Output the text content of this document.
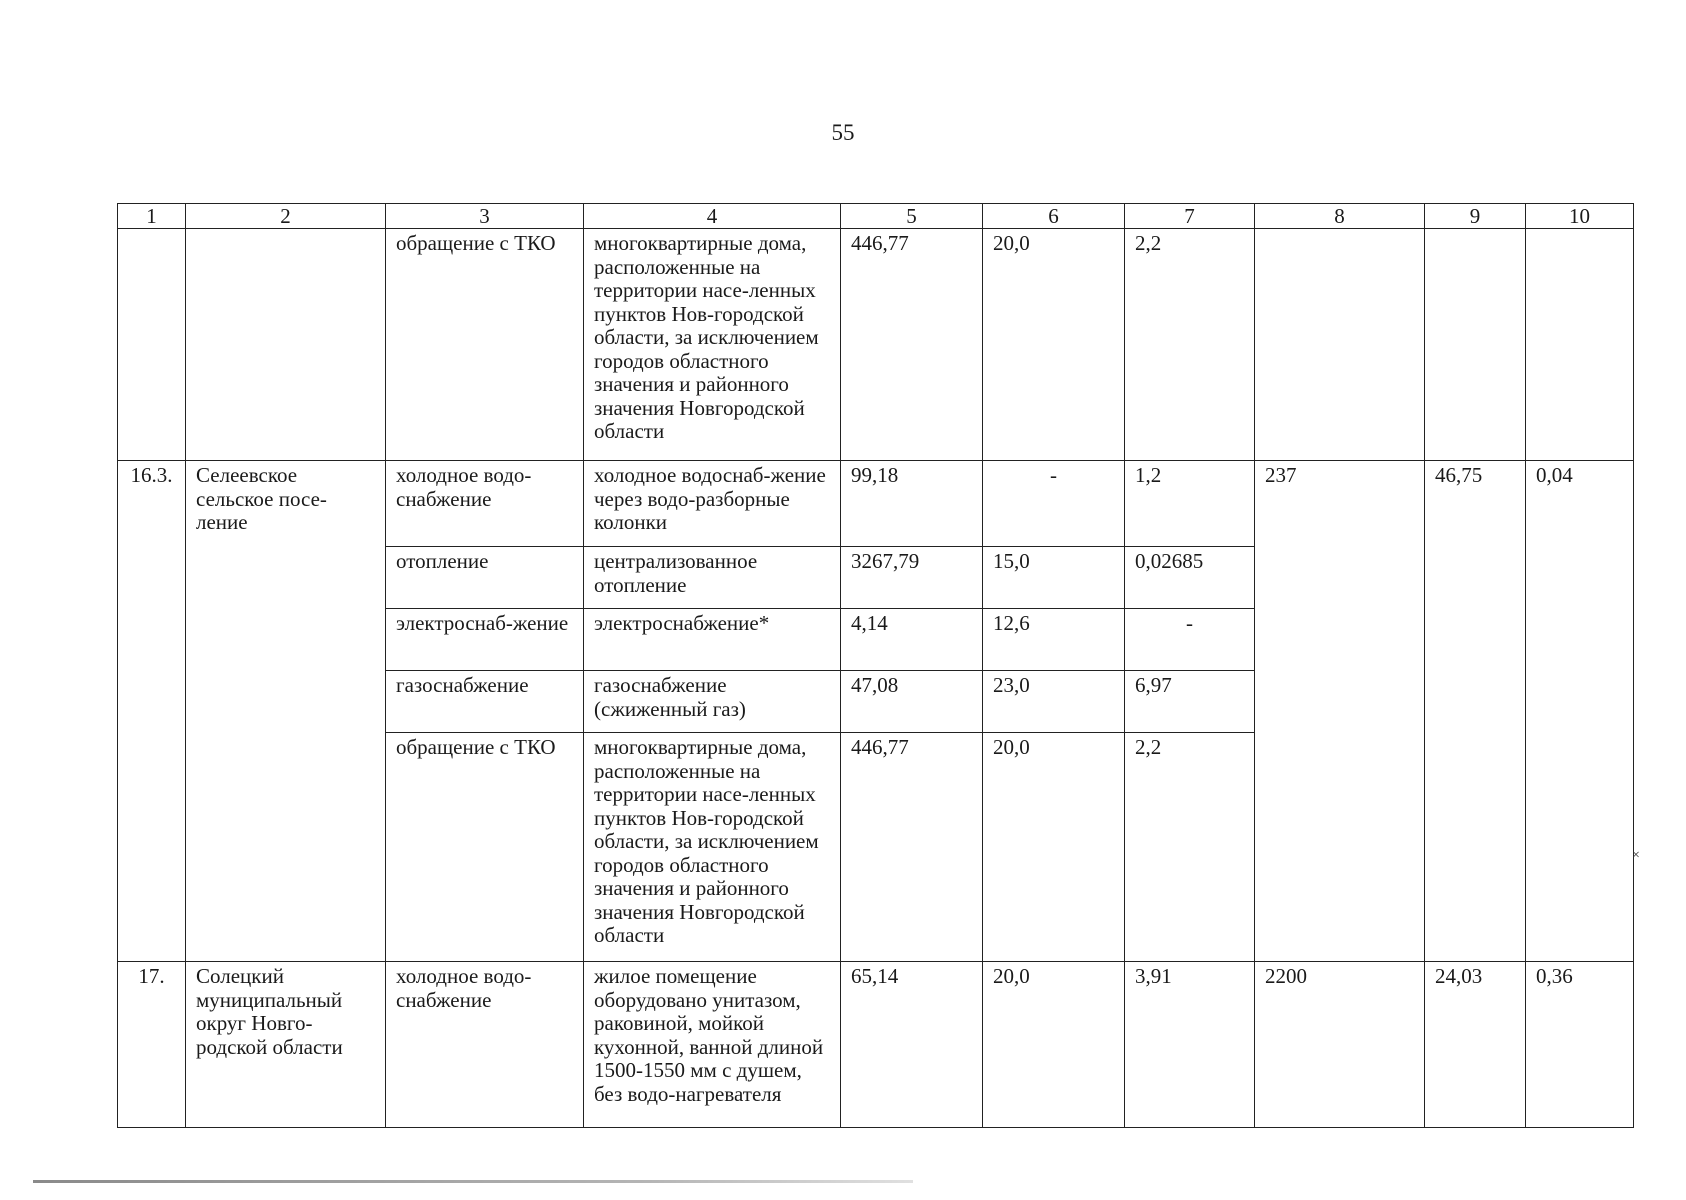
55
1	2	3	4	5	6	7	8	9	10
		обращение с ТКО	многоквартирные дома, расположенные на территории насе-ленных пунктов Нов-городской области, за исключением городов областного значения и районного значения Новгородской области	446,77	20,0	2,2			
16.3.	Селеевское сельское посе-ление	холодное водо-снабжение	холодное водоснаб-жение через водо-разборные колонки	99,18	-	1,2	237	46,75	0,04
		отопление	централизованное отопление	3267,79	15,0	0,02685			
		электроснаб-жение	электроснабжение*	4,14	12,6	-			
		газоснабжение	газоснабжение (сжиженный газ)	47,08	23,0	6,97			
		обращение с ТКО	многоквартирные дома, расположенные на территории насе-ленных пунктов Нов-городской области, за исключением городов областного значения и районного значения Новгородской области	446,77	20,0	2,2			
17.	Солецкий муниципальный округ Новго-родской области	холодное водо-снабжение	жилое помещение оборудовано унитазом, раковиной, мойкой кухонной, ванной длиной 1500-1550 мм с душем, без водо-нагревателя	65,14	20,0	3,91	2200	24,03	0,36
×
